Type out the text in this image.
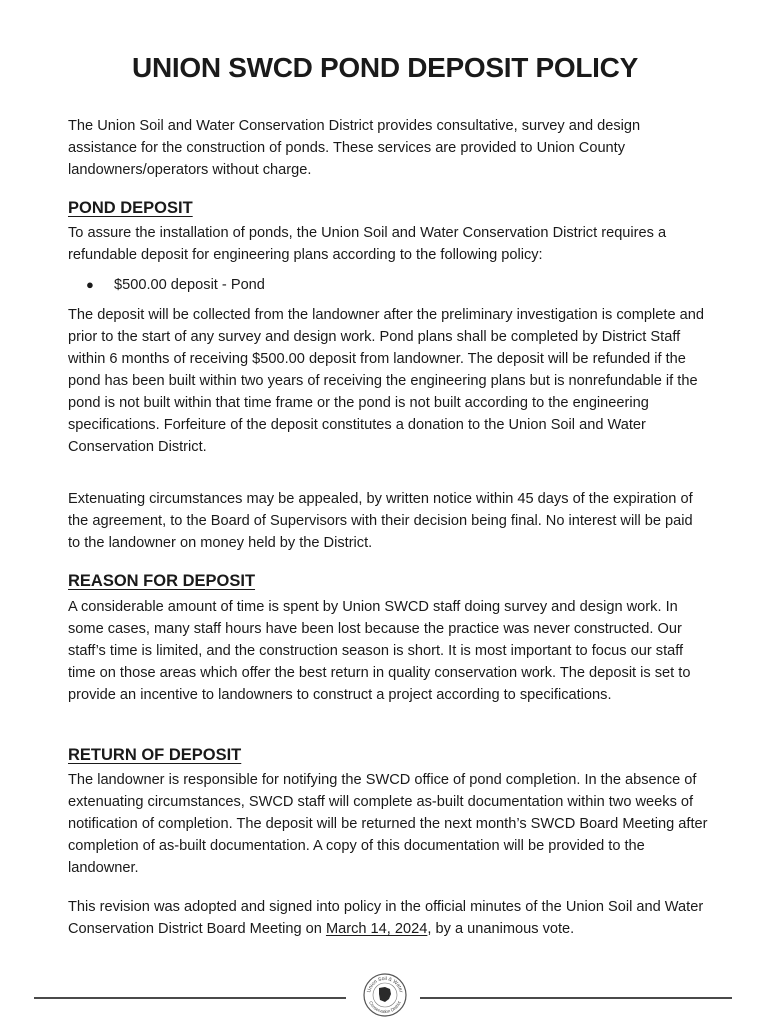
UNION SWCD POND DEPOSIT POLICY

The Union Soil and Water Conservation District provides consultative, survey and design assistance for the construction of ponds. These services are provided to Union County landowners/operators without charge.

POND DEPOSIT

To assure the installation of ponds, the Union Soil and Water Conservation District requires a refundable deposit for engineering plans according to the following policy:

●	$500.00 deposit - Pond

The deposit will be collected from the landowner after the preliminary investigation is complete and prior to the start of any survey and design work. Pond plans shall be completed by District Staff within 6 months of receiving $500.00 deposit from landowner. The deposit will be refunded if the pond has been built within two years of receiving the engineering plans but is nonrefundable if the pond is not built within that time frame or the pond is not built according to the engineering specifications. Forfeiture of the deposit constitutes a donation to the Union Soil and Water Conservation District.

Extenuating circumstances may be appealed, by written notice within 45 days of the expiration of the agreement, to the Board of Supervisors with their decision being final. No interest will be paid to the landowner on money held by the District.

REASON FOR DEPOSIT

A considerable amount of time is spent by Union SWCD staff doing survey and design work. In some cases, many staff hours have been lost because the practice was never constructed. Our staff’s time is limited, and the construction season is short. It is most important to focus our staff time on those areas which offer the best return in quality conservation work. The deposit is set to provide an incentive to landowners to construct a project according to specifications.

RETURN OF DEPOSIT

The landowner is responsible for notifying the SWCD office of pond completion. In the absence of extenuating circumstances, SWCD staff will complete as-built documentation within two weeks of notification of completion. The deposit will be returned the next month’s SWCD Board Meeting after completion of as-built documentation. A copy of this documentation will be provided to the landowner.

This revision was adopted and signed into policy in the official minutes of the Union Soil and Water Conservation District Board Meeting on March 14, 2024, by a unanimous vote.

Union Soil & Water
Conservation District
